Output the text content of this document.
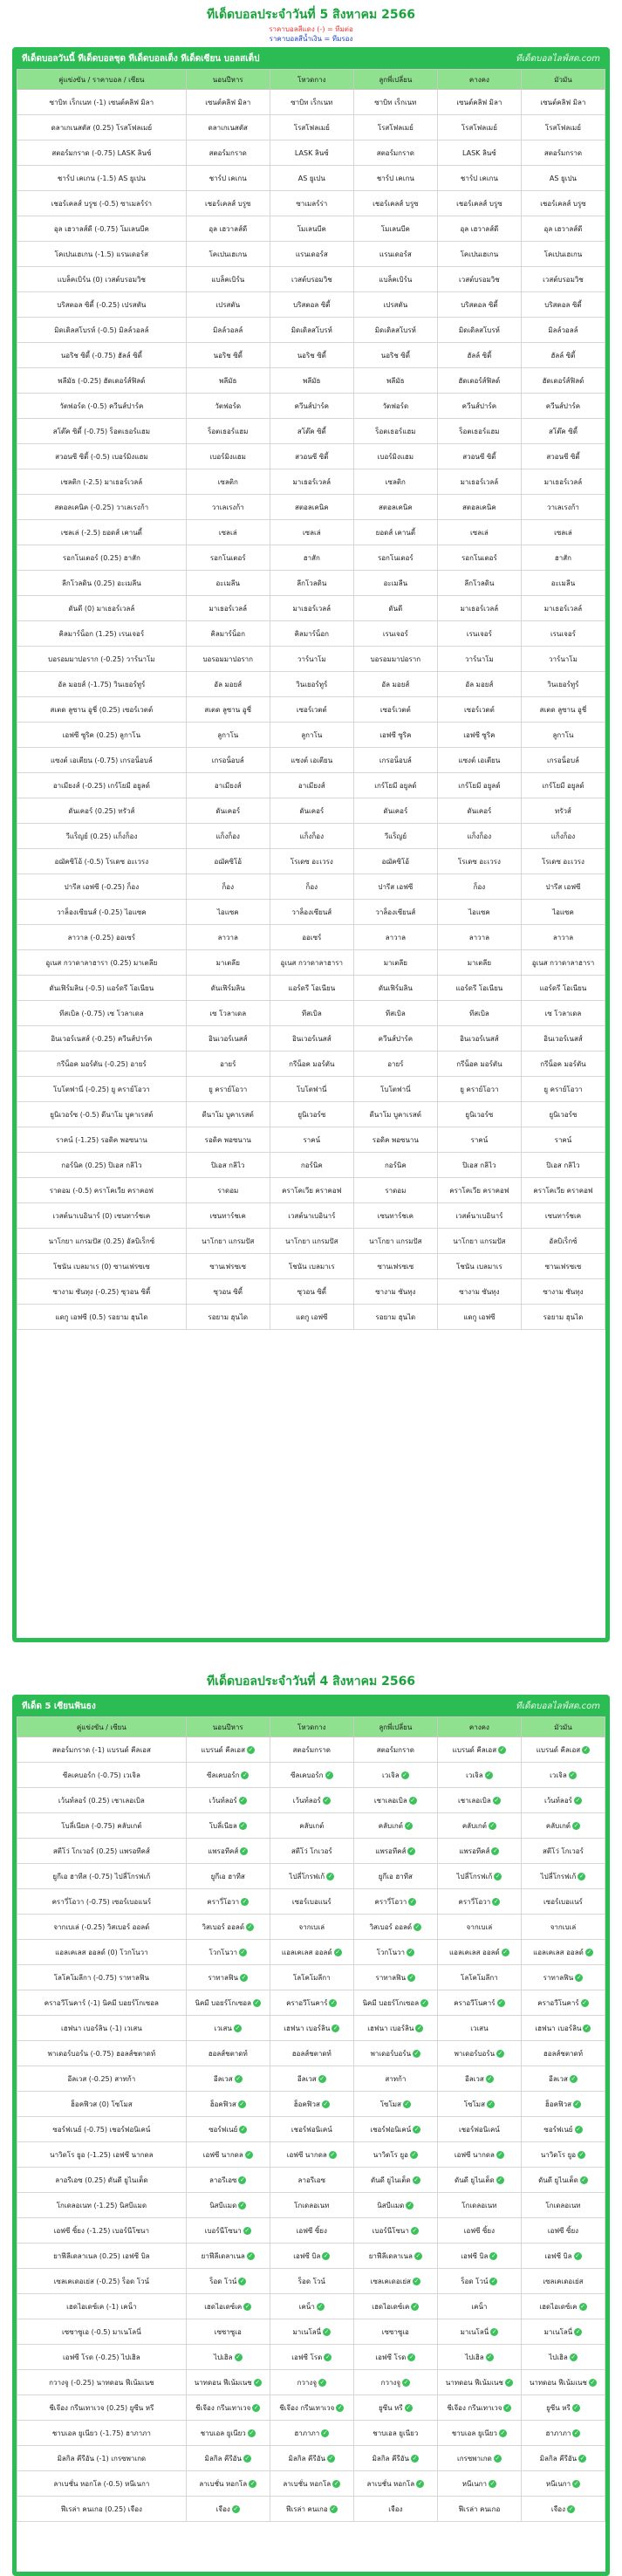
ทีเด็ดบอลประจำวันที่ 5 สิงหาคม 2566
ราคาบอลสีแดง (-) = ทีมต่อ
ราคาบอลสีน้ำเงิน = ทีมรอง
ทีเด็ดบอลวันนี้ ทีเด็ดบอลชุด ทีเด็ดบอลเต็ง ทีเด็ดเซียน บอลสเต็ป	ทีเด็ดบอลไลฟ์สด.com
คู่แข่งขัน / ราคาบอล / เซียน	นอนปีหาร	โหวดกาง	ลูกพี่เปลี่ยน	คางคง	มัวมัน
ซาบิท เร็กเนท (-1) เซนต์คลิฟ มิลา	เซนต์คลิฟ มิลา	ซาบิท เร็กเนท	ซาบิท เร็กเนท	เซนต์คลิฟ มิลา	เซนต์คลิฟ มิลา
ดลาเกเนสตัส (0.25) โรสโฟลเมย์	ดลาเกเนสตัส	โรสโฟลเมย์	โรสโฟลเมย์	โรสโฟลเมย์	โรสโฟลเมย์
สตอร์มกราด (-0.75) LASK ลินซ์	สตอร์มกราด	LASK ลินซ์	สตอร์มกราด	LASK ลินซ์	สตอร์มกราด
ชาร์ป เคเกน (-1.5) AS ยูเปน	ชาร์ป เคเกน	AS ยูเปน	ชาร์ป เคเกน	ชาร์ป เคเกน	AS ยูเปน
เชอร์เคลส์ บรูซ (-0.5) ซาเมลร์ร่า	เชอร์เคลส์ บรูซ	ซาเมลร์ร่า	เชอร์เคลส์ บรูซ	เชอร์เคลส์ บรูซ	เชอร์เคลส์ บรูซ
อุล เฮวาลส์ดี (-0.75) โมเลนบีค	อุล เฮวาลส์ดี	โมเลนบีค	โมเลนบีค	อุล เฮวาลส์ดี	อุล เฮวาลส์ดี
โคเปนเฮเกน (-1.5) แรนเดอร์ส	โคเปนเฮเกน	แรนเดอร์ส	แรนเดอร์ส	โคเปนเฮเกน	โคเปนเฮเกน
แบล็คเบิร์น (0) เวสต์บรอมวิช	แบล็คเบิร์น	เวสต์บรอมวิช	แบล็คเบิร์น	เวสต์บรอมวิช	เวสต์บรอมวิช
บริสตอล ซิตี้ (-0.25) เปรสตัน	เปรสตัน	บริสตอล ซิตี้	เปรสตัน	บริสตอล ซิตี้	บริสตอล ซิตี้
มิดเดิลสโบรห์ (-0.5) มิลล์วอลล์	มิลล์วอลล์	มิดเดิลสโบรห์	มิดเดิลสโบรห์	มิดเดิลสโบรห์	มิลล์วอลล์
นอริช ซิตี้ (-0.75) ฮัลล์ ซิตี้	นอริช ซิตี้	นอริช ซิตี้	นอริช ซิตี้	ฮัลล์ ซิตี้	ฮัลล์ ซิตี้
พลีมัธ (-0.25) ฮัดเดอร์ส์ฟิลด์	พลีมัธ	พลีมัธ	พลีมัธ	ฮัดเดอร์ส์ฟิลด์	ฮัดเดอร์ส์ฟิลด์
วัตฟอร์ด (-0.5) ควีนส์ปาร์ค	วัตฟอร์ด	ควีนส์ปาร์ค	วัตฟอร์ด	ควีนส์ปาร์ค	ควีนส์ปาร์ค
สโต๊ค ซิตี้ (-0.75) ร็อตเธอร์แฮม	ร็อตเธอร์แฮม	สโต๊ค ซิตี้	ร็อตเธอร์แฮม	ร็อตเธอร์แฮม	สโต๊ค ซิตี้
สวอนซี ซิตี้ (-0.5) เบอร์มิงแฮม	เบอร์มิงแฮม	สวอนซี ซิตี้	เบอร์มิงแฮม	สวอนซี ซิตี้	สวอนซี ซิตี้
เซลติก (-2.5) มาเธอร์เวลล์	เซลติก	มาเธอร์เวลล์	เซลติก	มาเธอร์เวลล์	มาเธอร์เวลล์
สตอลเคนิค (-0.25) วาเลเรงก้า	วาเลเรงก้า	สตอลเคนิค	สตอลเคนิค	สตอลเคนิค	วาเลเรงก้า
เซลเล่ (-2.5) ยอดส์ เคานตี้	เซลเล่	เซลเล่	ยอดส์ เคานตี้	เซลเล่	เซลเล่
รอกโนเตอร์ (0.25) ฮาสัก	รอกโนเตอร์	ฮาสัก	รอกโนเตอร์	รอกโนเตอร์	ฮาสัก
ลีกโวลดิน (0.25) อะเมลีน	อะเมลีน	ลีกโวลดิน	อะเมลีน	ลีกโวลดิน	อะเมลีน
ดันดี (0) มาเธอร์เวลล์	มาเธอร์เวลล์	มาเธอร์เวลล์	ดันดี	มาเธอร์เวลล์	มาเธอร์เวลล์
คิลมาร์น็อก (1.25) เรนเจอร์	คิลมาร์น็อก	คิลมาร์น็อก	เรนเจอร์	เรนเจอร์	เรนเจอร์
บอรอมมาปอราก (-0.25) วาร์นาโม	บอรอมมาปอราก	วาร์นาโม	บอรอมมาปอราก	วาร์นาโม	วาร์นาโม
อัล มอยส์ (-1.75) วินเยอร์ทูร์	อัล มอยส์	วินเยอร์ทูร์	อัล มอยส์	อัล มอยส์	วินเยอร์ทูร์
สเตด ลูซาน อูชี่ (0.25) เซอร์เวตต์	สเตด ลูซาน อูชี่	เซอร์เวตต์	เซอร์เวตต์	เซอร์เวตต์	สเตด ลูซาน อูชี่
เอฟซี ซูริค (0.25) ลูกาโน	ลูกาโน	ลูกาโน	เอฟซี ซูริค	เอฟซี ซูริค	ลูกาโน
แซงต์ เอเตียน (-0.75) เกรอน็อบล์	เกรอน็อบล์	แซงต์ เอเตียน	เกรอน็อบล์	แซงต์ เอเตียน	เกรอน็อบล์
อาเมียงส์ (-0.25) เกร์โยมี อยูลด์	อาเมียงส์	อาเมียงส์	เกร์โยมี อยูลด์	เกร์โยมี อยูลด์	เกร์โยมี อยูลด์
ดันเคอร์ (0.25) ทรัวส์	ดันเคอร์	ดันเคอร์	ดันเคอร์	ดันเคอร์	ทรัวส์
วีแร็ญย์ (0.25) แก็งก็อง	แก็งก็อง	แก็งก็อง	วีแร็ญย์	แก็งก็อง	แก็งก็อง
อฌัคซิโอ้ (-0.5) โรเดซ อะเวรง	อฌัคซิโอ้	โรเดซ อะเวรง	อฌัคซิโอ้	โรเดซ อะเวรง	โรเดซ อะเวรง
ปารีส เอฟซี (-0.25) ก็อง	ก็อง	ก็อง	ปารีส เอฟซี	ก็อง	ปารีส เอฟซี
วาล็องเซียนส์ (-0.25) ไอแซค	ไอแซค	วาล็องเซียนส์	วาล็องเซียนส์	ไอแซค	ไอแซค
ลาวาล (-0.25) ออเซร์	ลาวาล	ออเซร์	ลาวาล	ลาวาล	ลาวาล
อูเนส กวาดาลาฮารา (0.25) มาเตลีย	มาเตลีย	อูเนส กวาดาลาฮารา	มาเตลีย	มาเตลีย	อูเนส กวาดาลาฮารา
ดันเฟิร์มลิน (-0.5) แอร์ดรี โอเนียน	ดันเฟิร์มลิน	แอร์ดรี โอเนียน	ดันเฟิร์มลิน	แอร์ดรี โอเนียน	แอร์ดรี โอเนียน
ทีสเบิล (-0.75) เซ โวลาเดล	เซ โวลาเดล	ทีสเบิล	ทีสเบิล	ทีสเบิล	เซ โวลาเดล
อินเวอร์เนสส์ (-0.25) ควีนส์ปาร์ค	อินเวอร์เนสส์	อินเวอร์เนสส์	ควีนส์ปาร์ค	อินเวอร์เนสส์	อินเวอร์เนสส์
กรีน็อค มอร์ตัน (-0.25) อายร์	อายร์	กรีน็อค มอร์ตัน	อายร์	กรีน็อค มอร์ตัน	กรีน็อค มอร์ตัน
โบโตฟานี่ (-0.25) ยู คราย์โอวา	ยู คราย์โอวา	โบโตฟานี่	โบโตฟานี่	ยู คราย์โอวา	ยู คราย์โอวา
ยูนิเวอร์ซ (-0.5) ดีนาโม บูคาเรสต์	ดีนาโม บูคาเรสต์	ยูนิเวอร์ซ	ดีนาโม บูคาเรสต์	ยูนิเวอร์ซ	ยูนิเวอร์ซ
ราคน์ (-1.25) รอดิค พอซนาน	รอดิค พอซนาน	ราคน์	รอดิค พอซนาน	ราคน์	ราคน์
กอร์นิค (0.25) ปิเอส กลิไว	ปิเอส กลิไว	กอร์นิค	กอร์นิค	ปิเอส กลิไว	ปิเอส กลิไว
ราดอม (-0.5) คราโคเวีย คราคอฟ	ราดอม	คราโคเวีย คราคอฟ	ราดอม	คราโคเวีย คราคอฟ	คราโคเวีย คราคอฟ
เวสต์นาเบอินาร์ (0) เซนทาร์ชเค	เซนทาร์ชเค	เวสต์นาเบอินาร์	เซนทาร์ชเค	เวสต์นาเบอินาร์	เซนทาร์ชเค
นาโกยา แกรมปัส (0.25) อัลบิเร็กซ์	นาโกยา แกรมปัส	นาโกยา แกรมปัส	นาโกยา แกรมปัส	นาโกยา แกรมปัส	อัลบิเร็กซ์
โชนัน เบลมาเร (0) ซานเฟรซเซ	ซานเฟรซเซ	โชนัน เบลมาเร	ซานเฟรซเซ	โชนัน เบลมาเร	ซานเฟรซเซ
ซางาม ซันทุง (-0.25) ซุวอน ซิตี้	ซุวอน ซิตี้	ซุวอน ซิตี้	ซางาม ซันทุง	ซางาม ซันทุง	ซางาม ซันทุง
แดกู เอฟซี (0.5) รอยาม ฮุนได	รอยาม ฮุนได	แดกู เอฟซี	รอยาม ฮุนได	แดกู เอฟซี	รอยาม ฮุนได
ทีเด็ดบอลประจำวันที่ 4 สิงหาคม 2566
ทีเด็ด 5 เซียนฟันธง	ทีเด็ดบอลไลฟ์สด.com
คู่แข่งขัน / เซียน	นอนปีหาร	โหวดกาง	ลูกพี่เปลี่ยน	คางคง	มัวมัน
สตอร์มกราด (-1) แบรนด์ คีลเอส	แบรนด์ คีลเอส ✓	สตอร์มกราด	สตอร์มกราด	แบรนด์ คีลเอส ✓	แบรนด์ คีลเอส ✓
ซีลเคบอร์ก (-0.75) เวเจิล	ซีลเคบอร์ก ✓	ซีลเคบอร์ก ✓	เวเจิล ✓	เวเจิล ✓	เวเจิล ✓
เว้นท์ลอร์ (0.25) เชาเลอเบิล	เว้นท์ลอร์ ✓	เว้นท์ลอร์ ✓	เชาเลอเบิล ✓	เชาเลอเบิล ✓	เว้นท์ลอร์ ✓
โบลี่เนียล (-0.75) คลับเกต์	โบลี่เนียล ✓	คลับเกต์	คลับเกต์ ✓	คลับเกต์ ✓	คลับเกต์ ✓
สตีโว่ โกเวอร์ (0.25) แพรอทีคส์	แพรอทีคส์ ✓	สตีโว่ โกเวอร์	แพรอทีคส์ ✓	แพรอทีคส์ ✓	สตีโว่ โกเวอร์
ยูกีเอ ฮาทีส (-0.75) ไปลี่โกรฟเก้	ยูกีเอ ฮาทีส	ไปลี่โกรฟเก้ ✓	ยูกีเอ ฮาทีส	ไปลี่โกรฟเก้ ✓	ไปลี่โกรฟเก้ ✓
คราวี่โอวา (-0.75) เซอร์เบอแนร์	คราวี่โอวา ✓	เซอร์เบอแนร์	คราวี่โอวา ✓	คราวี่โอวา ✓	เซอร์เบอแนร์
จากเบเล่ (-0.25) วิสเบอร์ ออลด์	วิสเบอร์ ออลด์ ✓	จากเบเล่	วิสเบอร์ ออลด์ ✓	จากเบเล่	จากเบเล่
แอลเคเลส ออลด์ (0) โวกโนวา	โวกโนวา ✓	แอลเคเลส ออลด์ ✓	โวกโนวา ✓	แอลเคเลส ออลด์ ✓	แอลเคเลส ออลด์ ✓
โลโคโมลีกา (-0.75) ราทาลฟิน	ราทาลฟิน ✓	โลโคโมลีกา	ราทาลฟิน ✓	โลโคโมลีกา	ราทาลฟิน ✓
คราอวีโนคาร์ (-1) นิคมี บอยร์โกเซอล	นิคมี บอยร์โกเซอล ✓	คราอวีโนคาร์ ✓	นิคมี บอยร์โกเซอล ✓	คราอวีโนคาร์ ✓	คราอวีโนคาร์ ✓
เฮฟนา เบอร์ลิน (-1) เวเสน	เวเสน ✓	เฮฟนา เบอร์ลิน ✓	เฮฟนา เบอร์ลิน ✓	เวเสน	เฮฟนา เบอร์ลิน ✓
พาเดอร์บอร์น (-0.75) ฮอลส์ชตาดท์	ฮอลส์ชตาดท์	ฮอลส์ชตาดท์	พาเดอร์บอร์น ✓	พาเดอร์บอร์น ✓	ฮอลส์ชตาดท์
อีลเวส (-0.25) สาทก้า	อีลเวส ✓	อีลเวส ✓	สาทก้า	อีลเวส ✓	อีลเวส ✓
ฮ็อคฟิวส (0) โซโมส	ฮ็อคฟิวส ✓	ฮ็อคฟิวส ✓	โซโมส ✓	โซโมส ✓	ฮ็อคฟิวส ✓
ซอร์ฟเนย์ (-0.75) เชอร์ฟอนิเคน์	ซอร์ฟเนย์ ✓	เชอร์ฟอนิเคน์	เชอร์ฟอนิเคน์ ✓	เชอร์ฟอนิเคน์	ซอร์ฟเนย์ ✓
นาวิดโร ยูอ (-1.25) เอฟซี นากดล	เอฟซี นากดล ✓	เอฟซี นากดล ✓	นาวิดโร ยูอ ✓	เอฟซี นากดล ✓	นาวิดโร ยูอ ✓
ลาอรีเอซ (0.25) ดันดี ยูไนเต็ด	ลาอรีเอซ ✓	ลาอรีเอซ	ดันดี ยูไนเต็ด ✓	ดันดี ยูไนเต็ด ✓	ดันดี ยูไนเต็ด ✓
โกเดลอเนท (-1.25) นิสบีแมด	นิสบีแมด ✓	โกเดลอเนท	นิสบีแมด ✓	โกเดลอเนท	โกเดลอเนท
เอฟซี ซิ้ยง (-1.25) เบอร์นีโซนา	เบอร์นีโซนา ✓	เอฟซี ซิ้ยง	เบอร์นีโซนา ✓	เอฟซี ซิ้ยง	เอฟซี ซิ้ยง
ยาฟีลีเดลาเนล (0.25) เอฟซี บิล	ยาฟีลีเดลาเนล ✓	เอฟซี บิล ✓	ยาฟีลีเดลาเนล ✓	เอฟซี บิล ✓	เอฟซี บิล ✓
เซลเคเดอเย่ส (-0.25) ร็อด โวน์	ร็อด โวน์ ✓	ร็อด โวน์	เซลเคเดอเย่ส ✓	ร็อด โวน์ ✓	เซลเคเดอเย่ส
เฮดไอเดซ์เค (-1) เคน็า	เฮดไอเดซ์เค ✓	เคน็า ✓	เฮดไอเดซ์เค ✓	เคน็า	เฮดไอเดซ์เค ✓
เซซาซูเอ (-0.5) มาเนโลนี่	เซซาซูเอ	มาเนโลนี่ ✓	เซซาซูเอ	มาเนโลนี่ ✓	มาเนโลนี่ ✓
เอฟซี โรด (-0.25) ไปเฮิล	ไปเฮิล ✓	เอฟซี โรด ✓	เอฟซี โรด ✓	ไปเฮิล ✓	ไปเฮิล ✓
กวางจู (-0.25) นาทดอน ฟีเน้มเนช	นาทดอน ฟีเน้มเนช ✓	กวางจู ✓	กวางจู ✓	นาทดอน ฟีเน้มเนช ✓	นาทดอน ฟีเน้มเนช ✓
ชีเจีอง กรีนเทาเวจ (0.25) ยูซีน หรี	ชีเจีอง กรีนเทาเวจ ✓	ชีเจีอง กรีนเทาเวจ ✓	ยูซีน หรี ✓	ชีเจีอง กรีนเทาเวจ ✓	ยูซีน หรี ✓
ชาบเอล ยูเนียว (-1.75) ฮาภาภา	ชาบเอล ยูเนียว ✓	ฮาภาภา ✓	ชาบเอล ยูเนียว	ชาบเอล ยูเนียว ✓	ฮาภาภา ✓
มิลกิล คีรีอัน (-1) เกรซพาเกด	มิลกิล คีรีอัน ✓	มิลกิล คีรีอัน ✓	มิลกิล คีรีอัน ✓	เกรซพาเกด ✓	มิลกิล คีรีอัน ✓
ลาเบชั่น หอกโล (-0.5) หนีเนกา	ลาเบชั่น หอกโล ✓	ลาเบชั่น หอกโล ✓	ลาเบชั่น หอกโล ✓	หนีเนกา ✓	หนีเนกา ✓
ฟีเรล่า คนเกอ (0.25) เจือง	เจือง ✓	ฟีเรล่า คนเกอ ✓	เจือง	ฟีเรล่า คนเกอ	เจือง ✓
